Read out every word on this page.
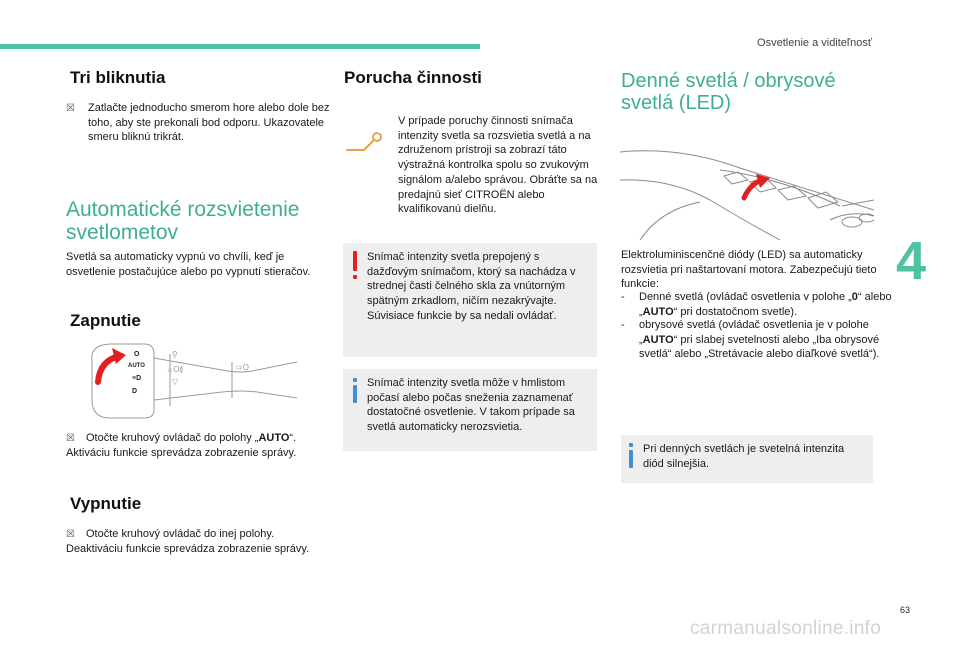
Osvetlenie a viditeľnosť
4
Tri bliknutia
☒ Zatlačte jednoducho smerom hore alebo dole bez toho, aby ste prekonali bod odporu. Ukazovatele smeru bliknú trikrát.
Automatické rozsvietenie svetlometov
Svetlá sa automaticky vypnú vo chvíli, keď je osvetlenie postačujúce alebo po vypnutí stieračov.
Zapnutie
⚲
☼O≬
▽
⇨O
O
AUTO
≡D
D
☒ Otočte kruhový ovládač do polohy „AUTO“. Aktiváciu funkcie sprevádza zobrazenie správy.
Vypnutie
☒ Otočte kruhový ovládač do inej polohy. Deaktiváciu funkcie sprevádza zobrazenie správy.
Porucha činnosti
V prípade poruchy činnosti snímača intenzity svetla sa rozsvietia svetlá a na združenom prístroji sa zobrazí táto výstražná kontrolka spolu so zvukovým signálom a/alebo správou. Obráťte sa na predajnú sieť CITROËN alebo kvalifikovanú dielňu.
Snímač intenzity svetla prepojený s dažďovým snímačom, ktorý sa nachádza v strednej časti čelného skla za vnútorným spätným zrkadlom, ničím nezakrývajte. Súvisiace funkcie by sa nedali ovládať.
Snímač intenzity svetla môže v hmlistom počasí alebo počas sneženia zaznamenať dostatočné osvetlenie. V takom prípade sa svetlá automaticky nerozsvietia.
Denné svetlá / obrysové svetlá (LED)
Elektroluminiscenčné diódy (LED) sa automaticky rozsvietia pri naštartovaní motora. Zabezpečujú tieto funkcie:
- Denné svetlá (ovládač osvetlenia v polohe „0“ alebo „AUTO“ pri dostatočnom svetle).
- obrysové svetlá (ovládač osvetlenia je v polohe „AUTO“ pri slabej svetelnosti alebo „Iba obrysové svetlá“ alebo „Stretávacie alebo diaľkové svetlá“).
Pri denných svetlách je svetelná intenzita diód silnejšia.
63
carmanualsonline.info
